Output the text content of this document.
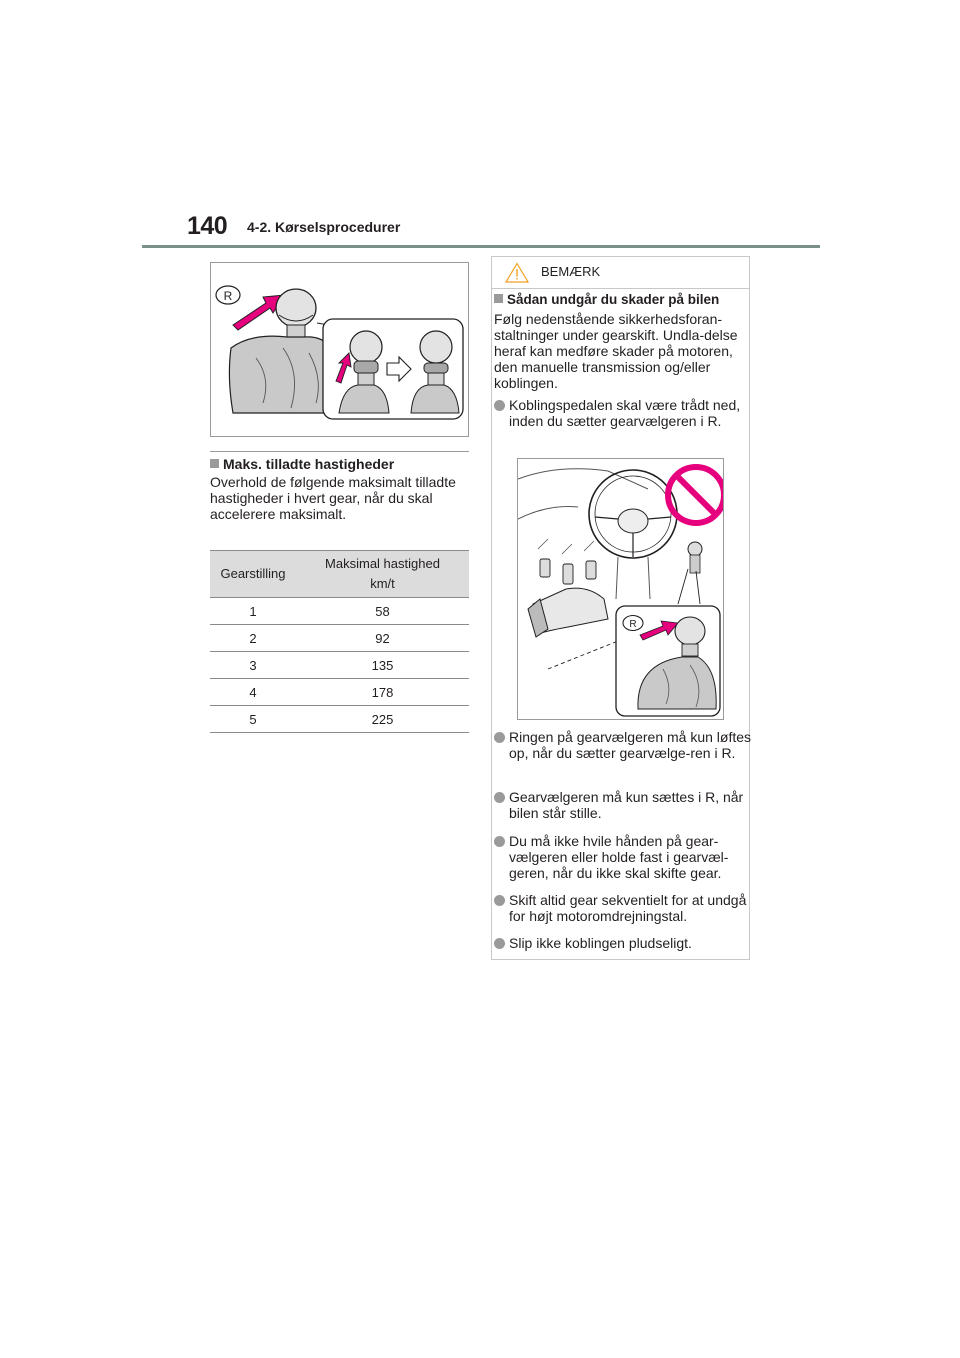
140 4-2. Kørselsprocedurer
R
Maks. tilladte hastigheder
Overhold de følgende maksimalt tilladte hastigheder i hvert gear, når du skal accelerere maksimalt.
Gearstilling	Maksimal hastighed
km/t
1	58
2	92
3	135
4	178
5	225
BEMÆRK
Sådan undgår du skader på bilen
Følg nedenstående sikkerhedsforan-staltninger under gearskift. Undla-delse heraf kan medføre skader på motoren, den manuelle transmission og/eller koblingen.
Koblingspedalen skal være trådt ned, inden du sætter gearvælgeren i R.
R
Ringen på gearvælgeren må kun løftes op, når du sætter gearvælge-ren i R.
Gearvælgeren må kun sættes i R, når bilen står stille.
Du må ikke hvile hånden på gear-vælgeren eller holde fast i gearvæl-geren, når du ikke skal skifte gear.
Skift altid gear sekventielt for at undgå for højt motoromdrejningstal.
Slip ikke koblingen pludseligt.
